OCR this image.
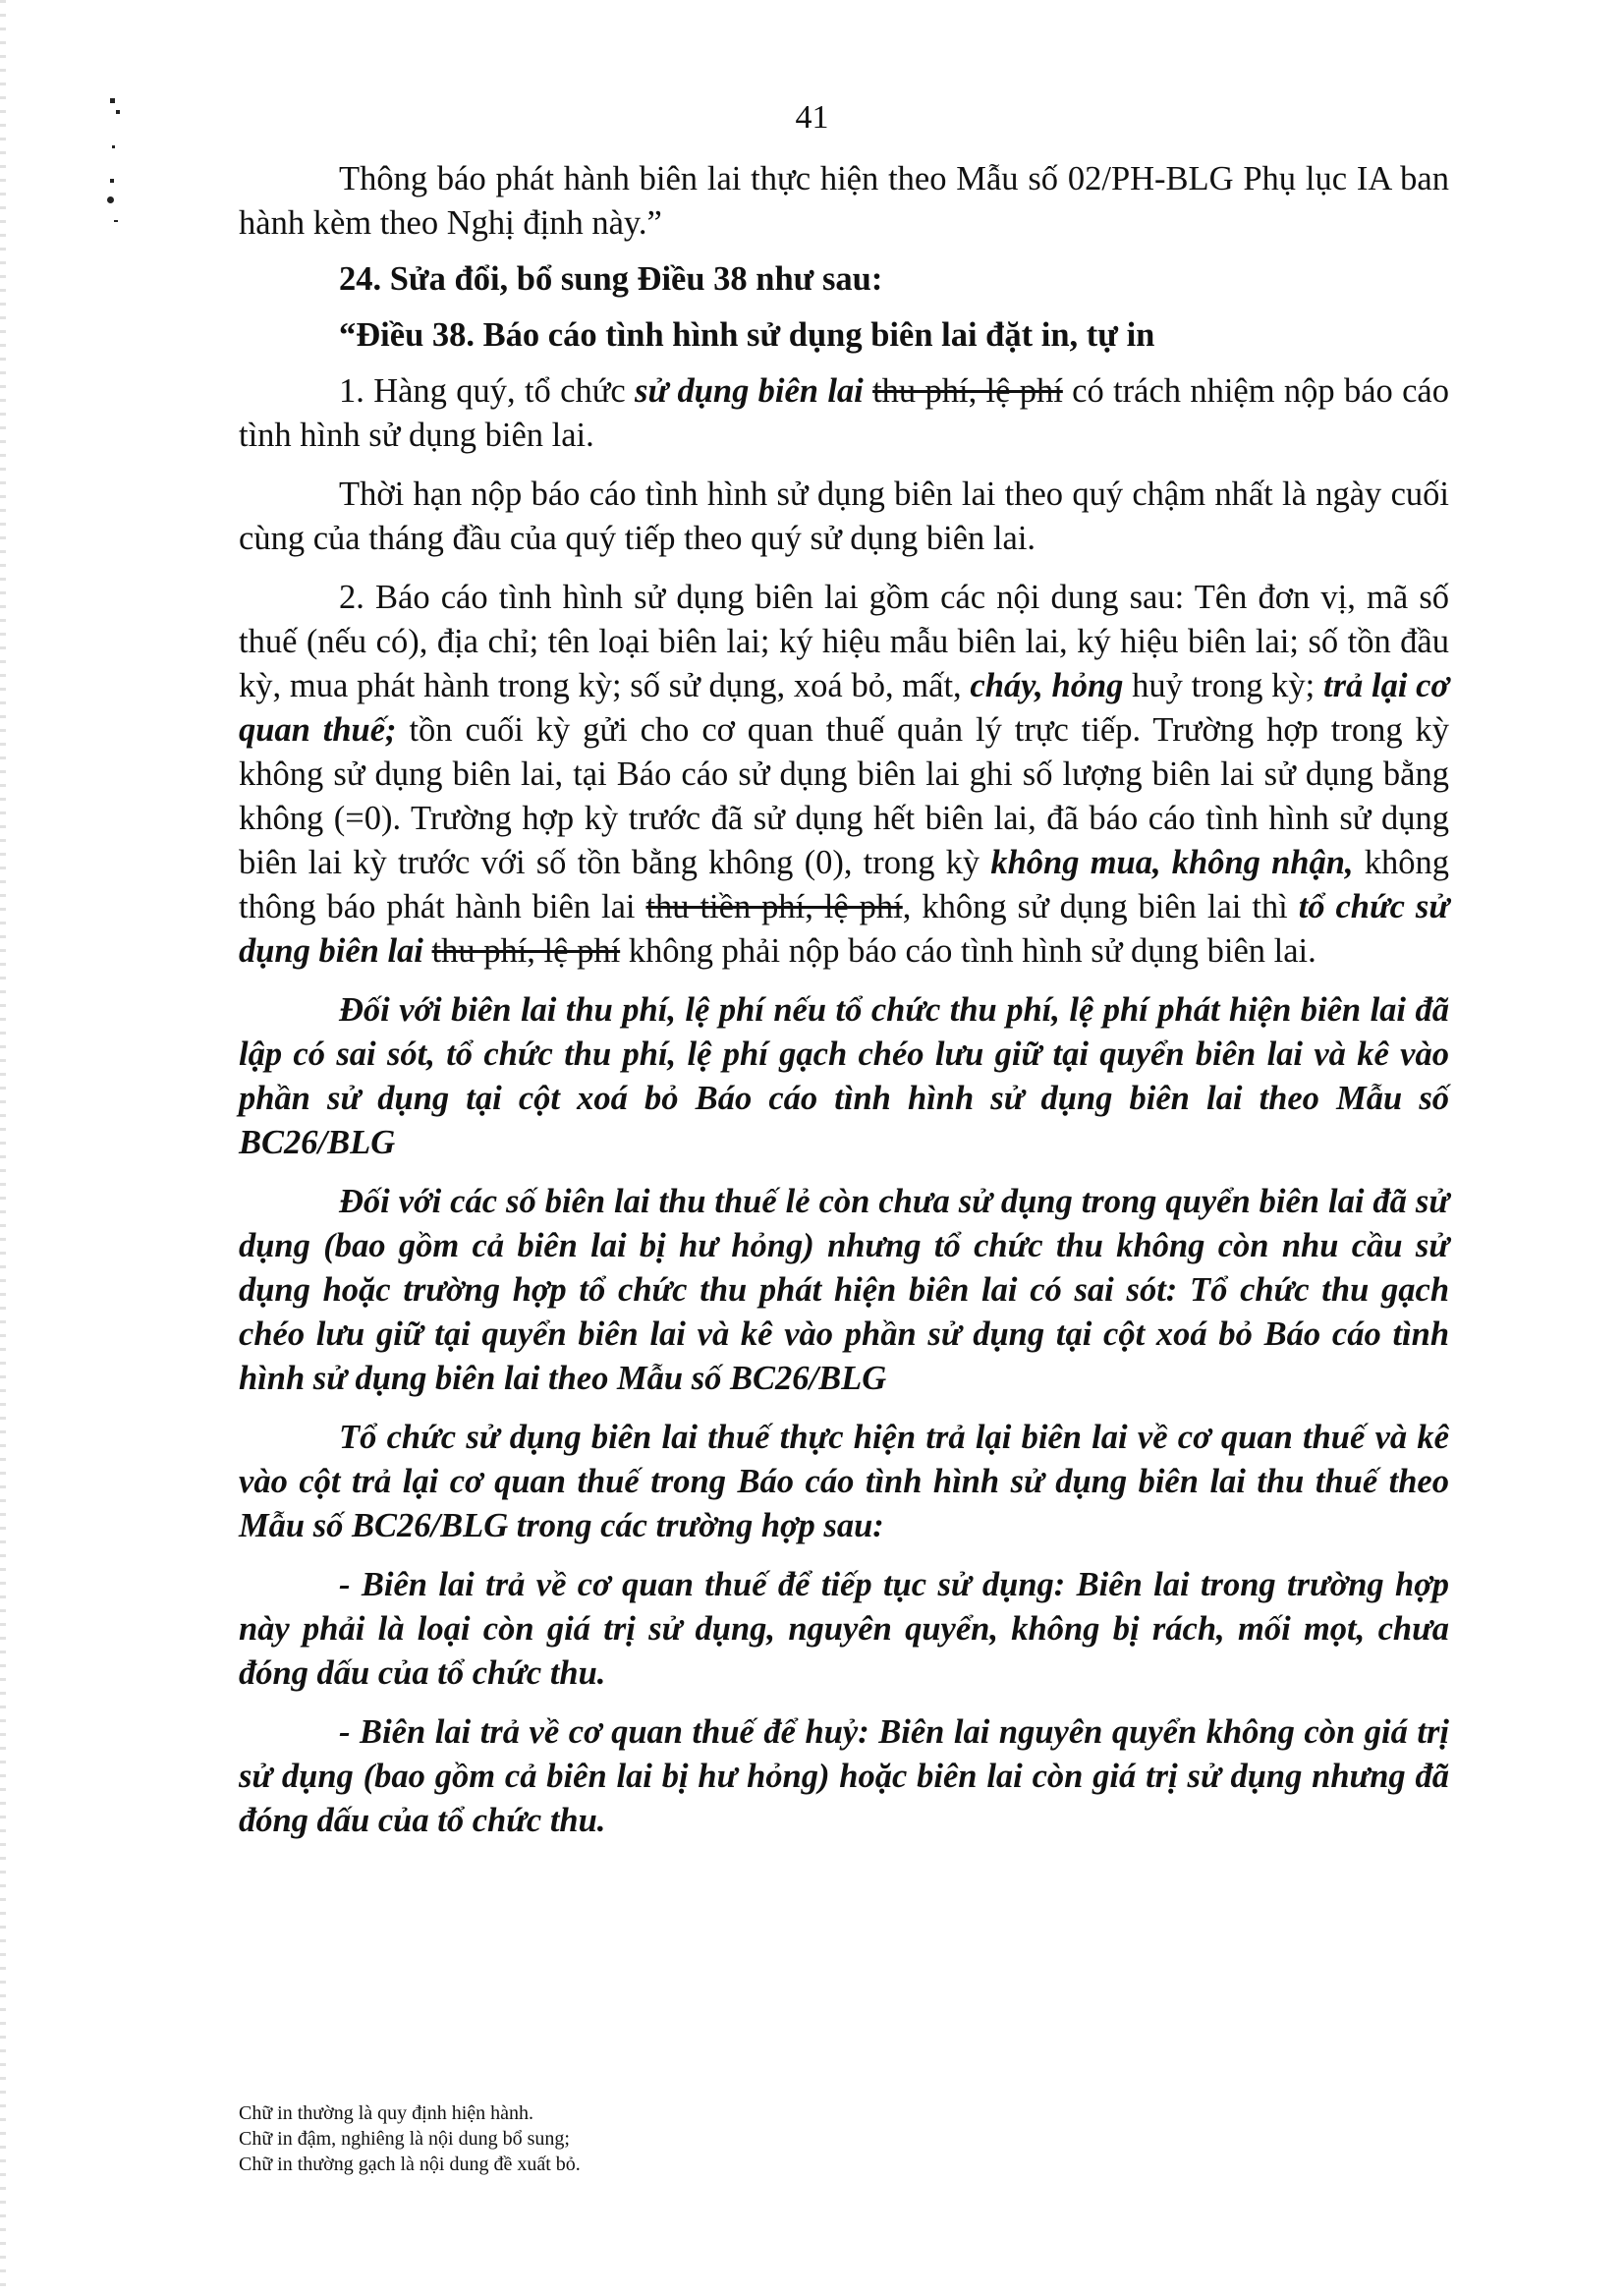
41

Thông báo phát hành biên lai thực hiện theo Mẫu số 02/PH-BLG Phụ lục IA ban hành kèm theo Nghị định này.”

24. Sửa đổi, bổ sung Điều 38 như sau:

“Điều 38. Báo cáo tình hình sử dụng biên lai đặt in, tự in

1. Hàng quý, tổ chức sử dụng biên lai thu phí, lệ phí có trách nhiệm nộp báo cáo tình hình sử dụng biên lai.

Thời hạn nộp báo cáo tình hình sử dụng biên lai theo quý chậm nhất là ngày cuối cùng của tháng đầu của quý tiếp theo quý sử dụng biên lai.

2. Báo cáo tình hình sử dụng biên lai gồm các nội dung sau: Tên đơn vị, mã số thuế (nếu có), địa chỉ; tên loại biên lai; ký hiệu mẫu biên lai, ký hiệu biên lai; số tồn đầu kỳ, mua phát hành trong kỳ; số sử dụng, xoá bỏ, mất, cháy, hỏng huỷ trong kỳ; trả lại cơ quan thuế; tồn cuối kỳ gửi cho cơ quan thuế quản lý trực tiếp. Trường hợp trong kỳ không sử dụng biên lai, tại Báo cáo sử dụng biên lai ghi số lượng biên lai sử dụng bằng không (=0). Trường hợp kỳ trước đã sử dụng hết biên lai, đã báo cáo tình hình sử dụng biên lai kỳ trước với số tồn bằng không (0), trong kỳ không mua, không nhận, không thông báo phát hành biên lai thu tiền phí, lệ phí, không sử dụng biên lai thì tổ chức sử dụng biên lai thu phí, lệ phí không phải nộp báo cáo tình hình sử dụng biên lai.

Đối với biên lai thu phí, lệ phí nếu tổ chức thu phí, lệ phí phát hiện biên lai đã lập có sai sót, tổ chức thu phí, lệ phí gạch chéo lưu giữ tại quyển biên lai và kê vào phần sử dụng tại cột xoá bỏ Báo cáo tình hình sử dụng biên lai theo Mẫu số BC26/BLG

Đối với các số biên lai thu thuế lẻ còn chưa sử dụng trong quyển biên lai đã sử dụng (bao gồm cả biên lai bị hư hỏng) nhưng tổ chức thu không còn nhu cầu sử dụng hoặc trường hợp tổ chức thu phát hiện biên lai có sai sót: Tổ chức thu gạch chéo lưu giữ tại quyển biên lai và kê vào phần sử dụng tại cột xoá bỏ Báo cáo tình hình sử dụng biên lai theo Mẫu số BC26/BLG

Tổ chức sử dụng biên lai thuế thực hiện trả lại biên lai về cơ quan thuế và kê vào cột trả lại cơ quan thuế trong Báo cáo tình hình sử dụng biên lai thu thuế theo Mẫu số BC26/BLG trong các trường hợp sau:

- Biên lai trả về cơ quan thuế để tiếp tục sử dụng: Biên lai trong trường hợp này phải là loại còn giá trị sử dụng, nguyên quyển, không bị rách, mối mọt, chưa đóng dấu của tổ chức thu.

- Biên lai trả về cơ quan thuế để huỷ: Biên lai nguyên quyển không còn giá trị sử dụng (bao gồm cả biên lai bị hư hỏng) hoặc biên lai còn giá trị sử dụng nhưng đã đóng dấu của tổ chức thu.

Chữ in thường là quy định hiện hành.
Chữ in đậm, nghiêng là nội dung bổ sung;
Chữ in thường gạch là nội dung đề xuất bỏ.
